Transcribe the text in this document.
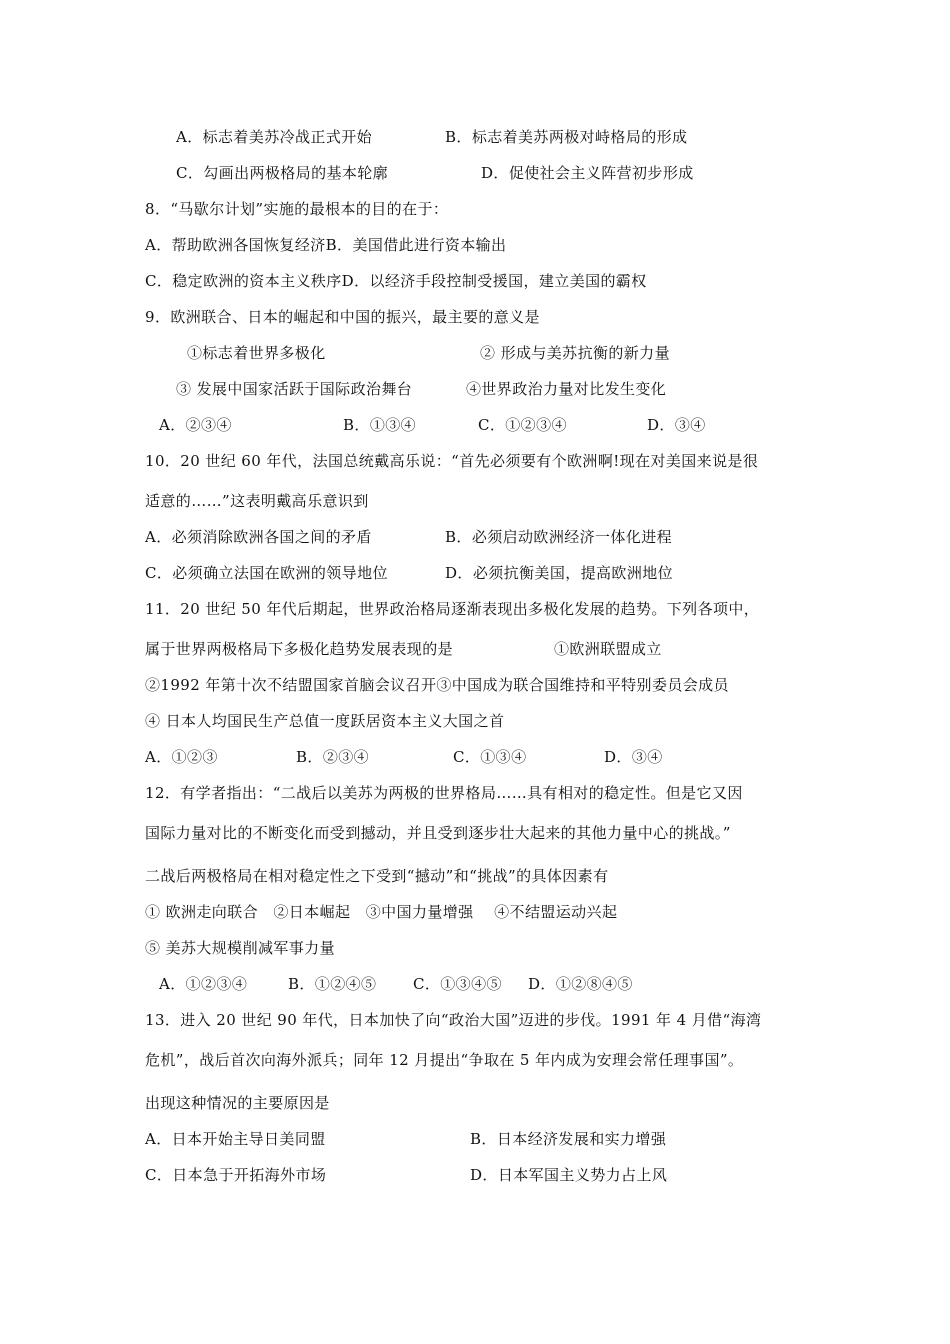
A．标志着美苏冷战正式开始	B．标志着美苏两极对峙格局的形成
C．勾画出两极格局的基本轮廓	D．促使社会主义阵营初步形成
8．“马歇尔计划”实施的最根本的目的在于：
A．帮助欧洲各国恢复经济B．美国借此进行资本输出
C．稳定欧洲的资本主义秩序D．以经济手段控制受援国，建立美国的霸权
9．欧洲联合、日本的崛起和中国的振兴，最主要的意义是
①标志着世界多极化	② 形成与美苏抗衡的新力量
③ 发展中国家活跃于国际政治舞台	④世界政治力量对比发生变化
A．②③④	B．①③④	C．①②③④	D．③④
10．20 世纪 60 年代，法国总统戴高乐说：“首先必须要有个欧洲啊!现在对美国来说是很
适意的……”这表明戴高乐意识到
A．必须消除欧洲各国之间的矛盾	B．必须启动欧洲经济一体化进程
C．必须确立法国在欧洲的领导地位	D．必须抗衡美国，提高欧洲地位
11．20 世纪 50 年代后期起，世界政治格局逐渐表现出多极化发展的趋势。下列各项中，
属于世界两极格局下多极化趋势发展表现的是	①欧洲联盟成立
②1992 年第十次不结盟国家首脑会议召开③中国成为联合国维持和平特别委员会成员
④ 日本人均国民生产总值一度跃居资本主义大国之首
A．①②③	B．②③④	C．①③④	D．③④
12．有学者指出：“二战后以美苏为两极的世界格局……具有相对的稳定性。但是它又因
国际力量对比的不断变化而受到撼动，并且受到逐步壮大起来的其他力量中心的挑战。”
二战后两极格局在相对稳定性之下受到“撼动”和“挑战”的具体因素有
① 欧洲走向联合　②日本崛起　③中国力量增强　 ④不结盟运动兴起
⑤ 美苏大规模削减军事力量
A．①②③④	B．①②④⑤ C．①③④⑤ D．①②⑧④⑤
13．进入 20 世纪 90 年代，日本加快了向“政治大国”迈进的步伐。1991 年 4 月借“海湾
危机”，战后首次向海外派兵；同年 12 月提出“争取在 5 年内成为安理会常任理事国”。
出现这种情况的主要原因是
A．日本开始主导日美同盟	B．日本经济发展和实力增强
C．日本急于开拓海外市场	D．日本军国主义势力占上风
